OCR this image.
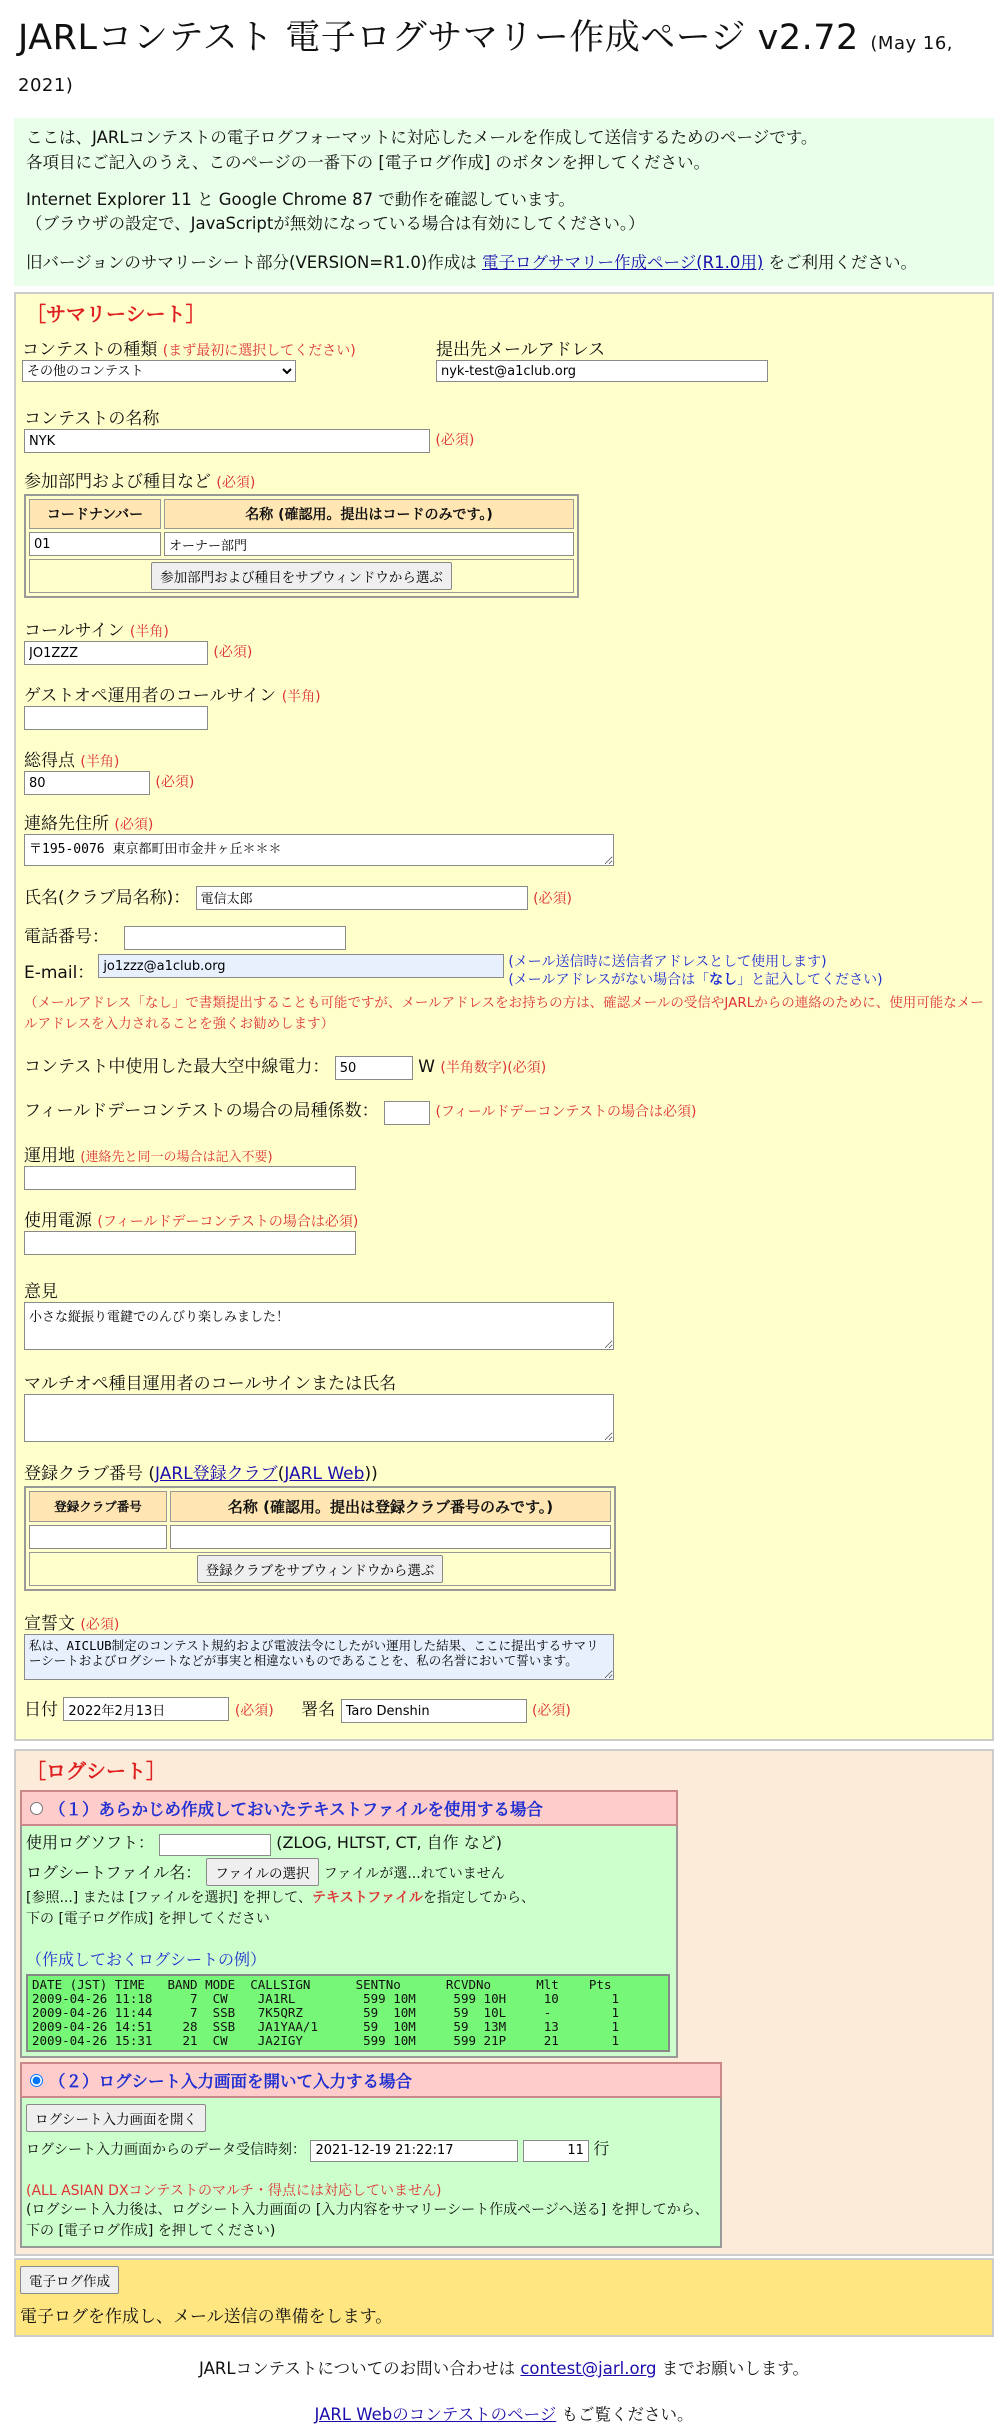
JARLコンテスト 電子ログサマリー作成ページ v2.72 (May 16, 2021)

ここは、JARLコンテストの電子ログフォーマットに対応したメールを作成して送信するためのページです。
各項目にご記入のうえ、このページの一番下の [電子ログ作成] のボタンを押してください。

Internet Explorer 11 と Google Chrome 87 で動作を確認しています。
（ブラウザの設定で、JavaScriptが無効になっている場合は有効にしてください。）

旧バージョンのサマリーシート部分(VERSION=R1.0)作成は 電子ログサマリー作成ページ(R1.0用) をご利用ください。

［サマリーシート］
コンテストの種類 (まず最初に選択してください)
その他のコンテスト	提出先メールアドレス
nyk-test@a1club.org
コンテストの名称
NYK (必須)
参加部門および種目など (必須)
コードナンバー	名称 (確認用。提出はコードのみです。)
01	オーナー部門
参加部門および種目をサブウィンドウから選ぶ	
コールサイン (半角)
JO1ZZZ (必須)
ゲストオペ運用者のコールサイン (半角)
総得点 (半角)
80 (必須)
連絡先住所 (必須)
〒195-0076 東京都町田市金井ヶ丘＊＊＊
氏名(クラブ局名称)： 電信太郎	(必須)
電話番号：
E-mail：
jo1zzz@a1club.org
(メール送信時に送信者アドレスとして使用します)
(メールアドレスがない場合は「なし」と記入してください)
（メールアドレス「なし」で書類提出することも可能ですが、メールアドレスをお持ちの方は、確認メールの受信やJARLからの連絡のために、使用可能なメールアドレスを入力されることを強くお勧めします）
コンテスト中使用した最大空中線電力： 50	W (半角数字)(必須)
フィールドデーコンテストの場合の局種係数：	(フィールドデーコンテストの場合は必須)
運用地 (連絡先と同一の場合は記入不要)
使用電源 (フィールドデーコンテストの場合は必須)
意見
小さな縦振り電鍵でのんびり楽しみました！
マルチオペ種目運用者のコールサインまたは氏名
登録クラブ番号 (JARL登録クラブ(JARL Web))
登録クラブ番号	名称 (確認用。提出は登録クラブ番号のみです。)

登録クラブをサブウィンドウから選ぶ	
宣誓文 (必須)
私は、AICLUB制定のコンテスト規約および電波法令にしたがい運用した結果、ここに提出するサマリーシートおよびログシートなどが事実と相違ないものであることを、私の名誉において誓います。
日付 2022年2月13日	(必須) 署名 Taro Denshin	(必須)
［ログシート］
（１）あらかじめ作成しておいたテキストファイルを使用する場合
使用ログソフト：	(ZLOG, HLTST, CT, 自作 など)
ログシートファイル名： ファイルの選択 ファイルが選...れていません
[参照...] または [ファイルを選択] を押して、テキストファイルを指定してから、
下の [電子ログ作成] を押してください
（作成しておくログシートの例）
DATE (JST) TIME   BAND MODE  CALLSIGN      SENTNo      RCVDNo      Mlt    Pts
2009-04-26 11:18     7  CW    JA1RL         599 10M     599 10H     10       1
2009-04-26 11:44     7  SSB   7K5QRZ        59  10M     59  10L     -        1
2009-04-26 14:51    28  SSB   JA1YAA/1      59  10M     59  13M     13       1
2009-04-26 15:31    21  CW    JA2IGY        599 10M     599 21P     21       1
（２）ログシート入力画面を開いて入力する場合
ログシート入力画面を開く
ログシート入力画面からのデータ受信時刻： 2021-12-19 21:22:17 11	行
(ALL ASIAN DXコンテストのマルチ・得点には対応していません)
(ログシート入力後は、ログシート入力画面の [入力内容をサマリーシート作成ページへ送る] を押してから、
下の [電子ログ作成] を押してください)
電子ログ作成
電子ログを作成し、メール送信の準備をします。
JARLコンテストについてのお問い合わせは contest@jarl.org までお願いします。
JARL Webのコンテストのページ もご覧ください。
